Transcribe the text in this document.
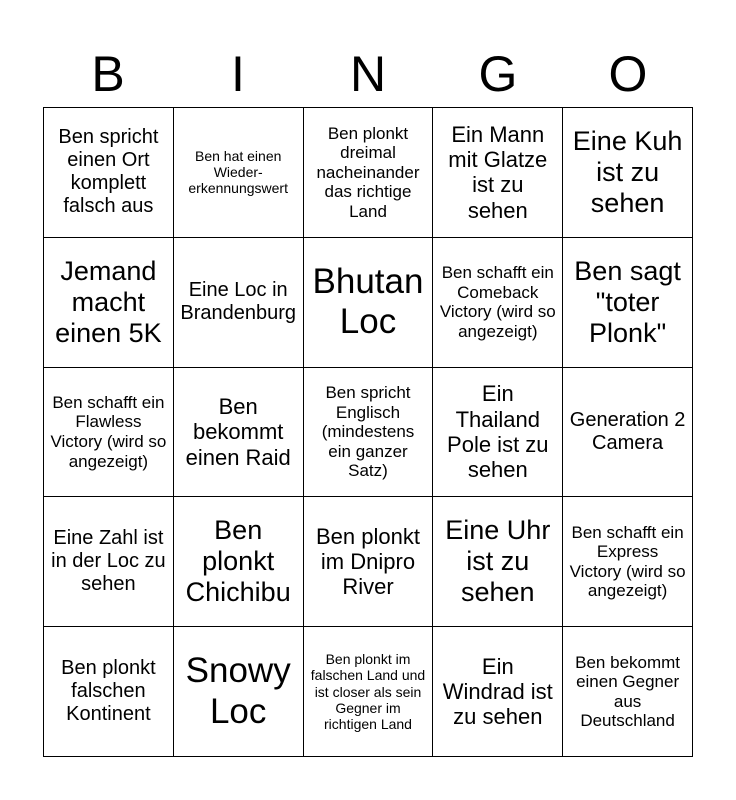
B	I	N	G	O
Ben spricht einen Ort komplett falsch aus
Ben hat einen Wieder-erkennungswert
Ben plonkt dreimal nacheinander das richtige Land
Ein Mann mit Glatze ist zu sehen
Eine Kuh ist zu sehen
Jemand macht einen 5K
Eine Loc in Brandenburg
Bhutan Loc
Ben schafft ein Comeback Victory (wird so angezeigt)
Ben sagt "toter Plonk"
Ben schafft ein Flawless Victory (wird so angezeigt)
Ben bekommt einen Raid
Ben spricht Englisch (mindestens ein ganzer Satz)
Ein Thailand Pole ist zu sehen
Generation 2 Camera
Eine Zahl ist in der Loc zu sehen
Ben plonkt Chichibu
Ben plonkt im Dnipro River
Eine Uhr ist zu sehen
Ben schafft ein Express Victory (wird so angezeigt)
Ben plonkt falschen Kontinent
Snowy Loc
Ben plonkt im falschen Land und ist closer als sein Gegner im richtigen Land
Ein Windrad ist zu sehen
Ben bekommt einen Gegner aus Deutschland
